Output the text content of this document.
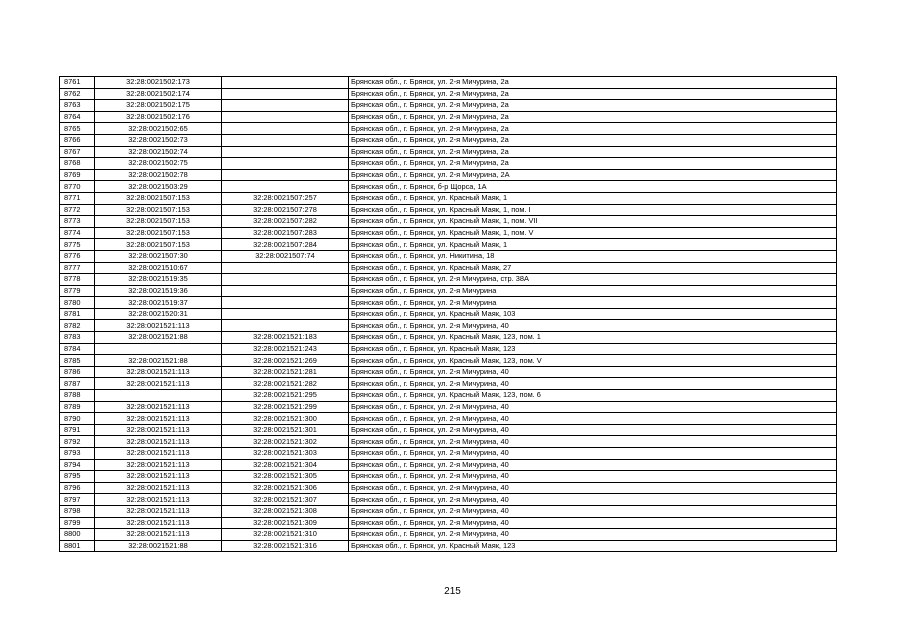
8761	32:28:0021502:173		Брянская обл., г. Брянск, ул. 2-я Мичурина, 2а
8762	32:28:0021502:174		Брянская обл., г. Брянск, ул. 2-я Мичурина, 2а
8763	32:28:0021502:175		Брянская обл., г. Брянск, ул. 2-я Мичурина, 2а
8764	32:28:0021502:176		Брянская обл., г. Брянск, ул. 2-я Мичурина, 2а
8765	32:28:0021502:65		Брянская обл., г. Брянск, ул. 2-я Мичурина, 2а
8766	32:28:0021502:73		Брянская обл., г. Брянск, ул. 2-я Мичурина, 2а
8767	32:28:0021502:74		Брянская обл., г. Брянск, ул. 2-я Мичурина, 2а
8768	32:28:0021502:75		Брянская обл., г. Брянск, ул. 2-я Мичурина, 2а
8769	32:28:0021502:78		Брянская обл., г. Брянск, ул. 2-я Мичурина, 2А
8770	32:28:0021503:29		Брянская обл., г. Брянск, б-р Щорса, 1А
8771	32:28:0021507:153	32:28:0021507:257	Брянская обл., г. Брянск, ул. Красный Маяк, 1
8772	32:28:0021507:153	32:28:0021507:278	Брянская обл., г. Брянск, ул. Красный Маяк, 1, пом. I
8773	32:28:0021507:153	32:28:0021507:282	Брянская обл., г. Брянск, ул. Красный Маяк, 1, пом. VII
8774	32:28:0021507:153	32:28:0021507:283	Брянская обл., г. Брянск, ул. Красный Маяк, 1, пом. V
8775	32:28:0021507:153	32:28:0021507:284	Брянская обл., г. Брянск, ул. Красный Маяк, 1
8776	32:28:0021507:30	32:28:0021507:74	Брянская обл., г. Брянск, ул. Никитина, 18
8777	32:28:0021510:67		Брянская обл., г. Брянск, ул. Красный Маяк, 27
8778	32:28:0021519:35		Брянская обл., г. Брянск, ул. 2-я Мичурина, стр. 38А
8779	32:28:0021519:36		Брянская обл., г. Брянск, ул. 2-я Мичурина
8780	32:28:0021519:37		Брянская обл., г. Брянск, ул. 2-я Мичурина
8781	32:28:0021520:31		Брянская обл., г. Брянск, ул. Красный Маяк, 103
8782	32:28:0021521:113		Брянская обл., г. Брянск, ул. 2-я Мичурина, 40
8783	32:28:0021521:88	32:28:0021521:183	Брянская обл., г. Брянск, ул. Красный Маяк, 123, пом. 1
8784		32:28:0021521:243	Брянская обл., г. Брянск, ул. Красный Маяк, 123
8785	32:28:0021521:88	32:28:0021521:269	Брянская обл., г. Брянск, ул. Красный Маяк, 123, пом. V
8786	32:28:0021521:113	32:28:0021521:281	Брянская обл., г. Брянск, ул. 2-я Мичурина, 40
8787	32:28:0021521:113	32:28:0021521:282	Брянская обл., г. Брянск, ул. 2-я Мичурина, 40
8788		32:28:0021521:295	Брянская обл., г. Брянск, ул. Красный Маяк, 123, пом. 6
8789	32:28:0021521:113	32:28:0021521:299	Брянская обл., г. Брянск, ул. 2-я Мичурина, 40
8790	32:28:0021521:113	32:28:0021521:300	Брянская обл., г. Брянск, ул. 2-я Мичурина, 40
8791	32:28:0021521:113	32:28:0021521:301	Брянская обл., г. Брянск, ул. 2-я Мичурина, 40
8792	32:28:0021521:113	32:28:0021521:302	Брянская обл., г. Брянск, ул. 2-я Мичурина, 40
8793	32:28:0021521:113	32:28:0021521:303	Брянская обл., г. Брянск, ул. 2-я Мичурина, 40
8794	32:28:0021521:113	32:28:0021521:304	Брянская обл., г. Брянск, ул. 2-я Мичурина, 40
8795	32:28:0021521:113	32:28:0021521:305	Брянская обл., г. Брянск, ул. 2-я Мичурина, 40
8796	32:28:0021521:113	32:28:0021521:306	Брянская обл., г. Брянск, ул. 2-я Мичурина, 40
8797	32:28:0021521:113	32:28:0021521:307	Брянская обл., г. Брянск, ул. 2-я Мичурина, 40
8798	32:28:0021521:113	32:28:0021521:308	Брянская обл., г. Брянск, ул. 2-я Мичурина, 40
8799	32:28:0021521:113	32:28:0021521:309	Брянская обл., г. Брянск, ул. 2-я Мичурина, 40
8800	32:28:0021521:113	32:28:0021521:310	Брянская обл., г. Брянск, ул. 2-я Мичурина, 40
8801	32:28:0021521:88	32:28:0021521:316	Брянская обл., г. Брянск, ул. Красный Маяк, 123
215
